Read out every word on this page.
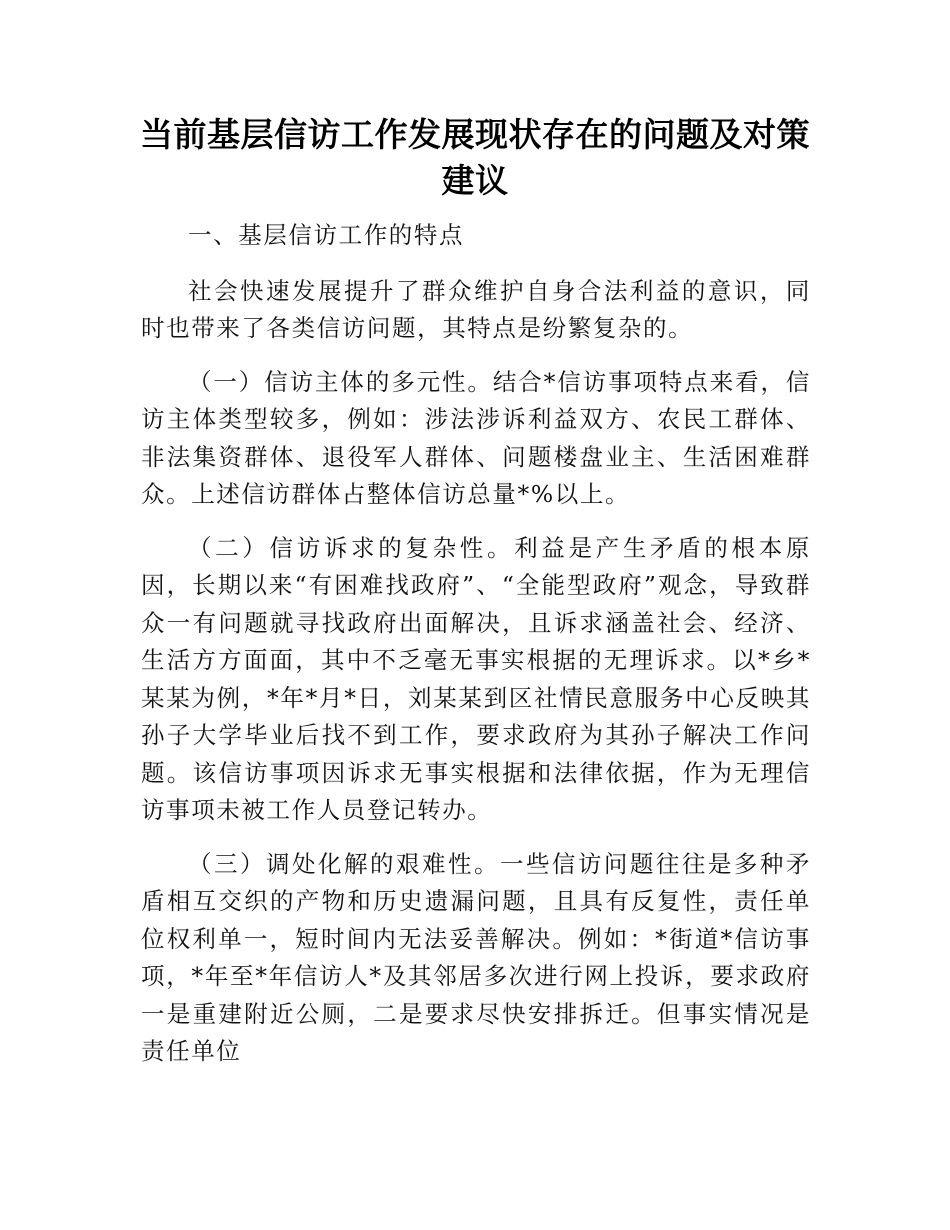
当前基层信访工作发展现状存在的问题及对策建议

一、基层信访工作的特点

社会快速发展提升了群众维护自身合法利益的意识，同时也带来了各类信访问题，其特点是纷繁复杂的。

（一）信访主体的多元性。结合*信访事项特点来看，信访主体类型较多，例如：涉法涉诉利益双方、农民工群体、非法集资群体、退役军人群体、问题楼盘业主、生活困难群众。上述信访群体占整体信访总量*%以上。

（二）信访诉求的复杂性。利益是产生矛盾的根本原因，长期以来“有困难找政府”、“全能型政府”观念，导致群众一有问题就寻找政府出面解决，且诉求涵盖社会、经济、生活方方面面，其中不乏毫无事实根据的无理诉求。以*乡*某某为例，*年*月*日，刘某某到区社情民意服务中心反映其孙子大学毕业后找不到工作，要求政府为其孙子解决工作问题。该信访事项因诉求无事实根据和法律依据，作为无理信访事项未被工作人员登记转办。

（三）调处化解的艰难性。一些信访问题往往是多种矛盾相互交织的产物和历史遗漏问题，且具有反复性，责任单位权利单一，短时间内无法妥善解决。例如：*街道*信访事项，*年至*年信访人*及其邻居多次进行网上投诉，要求政府一是重建附近公厕，二是要求尽快安排拆迁。但事实情况是责任单位
